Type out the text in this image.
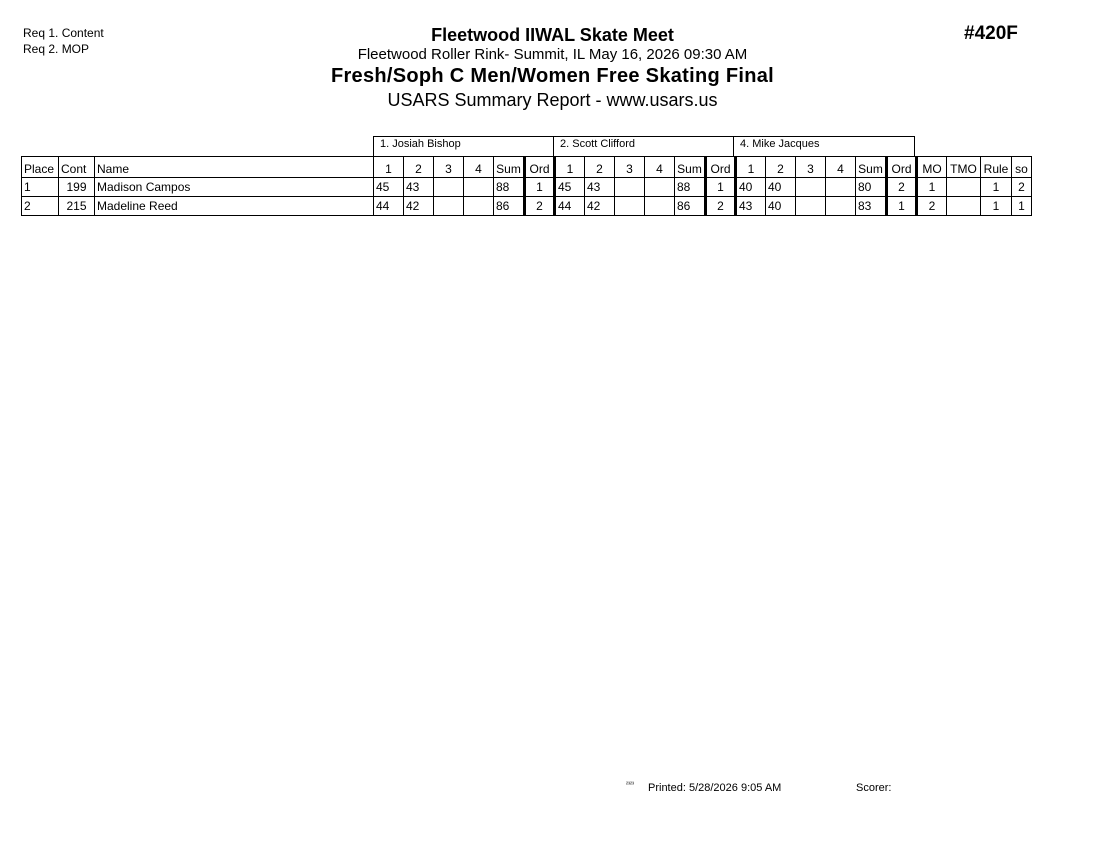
Req 1. Content
Req 2. MOP
#420F
Fleetwood IIWAL Skate Meet
Fleetwood Roller Rink- Summit, IL May 16, 2026 09:30 AM
Fresh/Soph C Men/Women Free Skating Final
USARS Summary Report - www.usars.us
1. Josiah Bishop	2. Scott Clifford	4. Mike Jacques
Place	Cont	Name	1	2	3	4	Sum	Ord	1	2	3	4	Sum	Ord	1	2	3	4	Sum	Ord	MO	TMO	Rule	so
1	199	Madison Campos	45	43			88	1	45	43			88	1	40	40			80	2	1		1	2
2	215	Madeline Reed	44	42			86	2	44	42			86	2	43	40			83	1	2		1	1
²³²³ Printed: 5/28/2026 9:05 AM	Scorer:
